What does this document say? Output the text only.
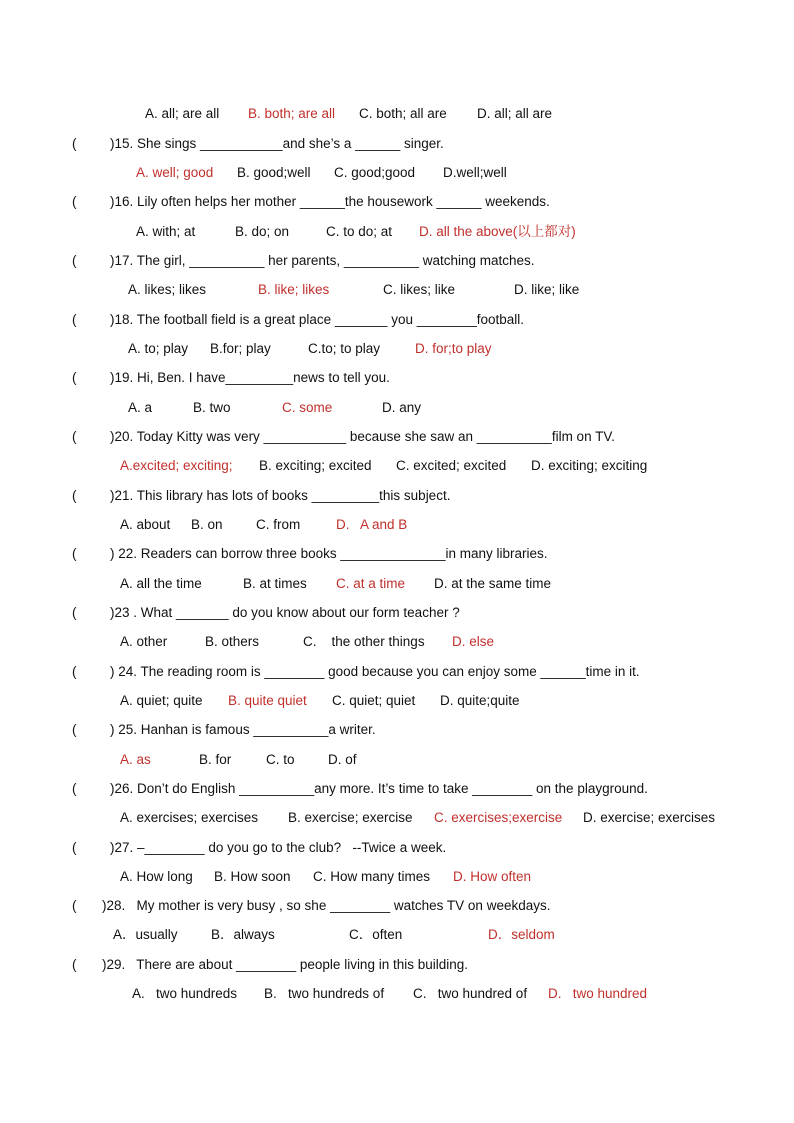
A. all; are all B. both; are all C. both; all are D. all; all are
( )15. She sings ___________and she’s a ______ singer.
A. well; good B. good;well C. good;good D.well;well
( )16. Lily often helps her mother ______the housework ______ weekends.
A. with; at	B. do; on	C. to do; at D. all the above(以上都对)
( )17. The girl, __________ her parents, __________ watching matches.
A. likes; likes	B. like; likes	C. likes; like	D. like; like
( )18. The football field is a great place _______ you ________football.
A. to; play B.for; play	C.to; to play	D. for;to play
( )19. Hi, Ben. I have_________news to tell you.
A. a	B. two	C. some	D. any
( )20. Today Kitty was very ___________ because she saw an __________film on TV.
A.excited; exciting; B. exciting; excited C. excited; excited D. exciting; exciting
( )21. This library has lots of books _________this subject.
A. about B. on C. from	D.   A and B
( ) 22. Readers can borrow three books ______________in many libraries.
A. all the time	B. at times C. at a time D. at the same time
( )23 . What _______ do you know about our form teacher ?
A. other	B. others	C.    the other things D. else
( ) 24. The reading room is ________ good because you can enjoy some ______time in it.
A. quiet; quite B. quite quiet C. quiet; quiet D. quite;quite
( ) 25. Hanhan is famous __________a writer.
A. as	B. for	C. to D. of
( )26. Don’t do English __________any more. It’s time to take ________ on the playground.
A. exercises; exercises B. exercise; exercise C. exercises;exercise D. exercise; exercises
( )27. –________ do you go to the club?   --Twice a week.
A. How long B. How soon C. How many times D. How often
( )28.   My mother is very busy , so she ________ watches TV on weekdays.
A．usually B．always	C．often	D．seldom
( )29.   There are about ________ people living in this building.
A.   two hundreds B.   two hundreds of C.   two hundred of D.   two hundred
